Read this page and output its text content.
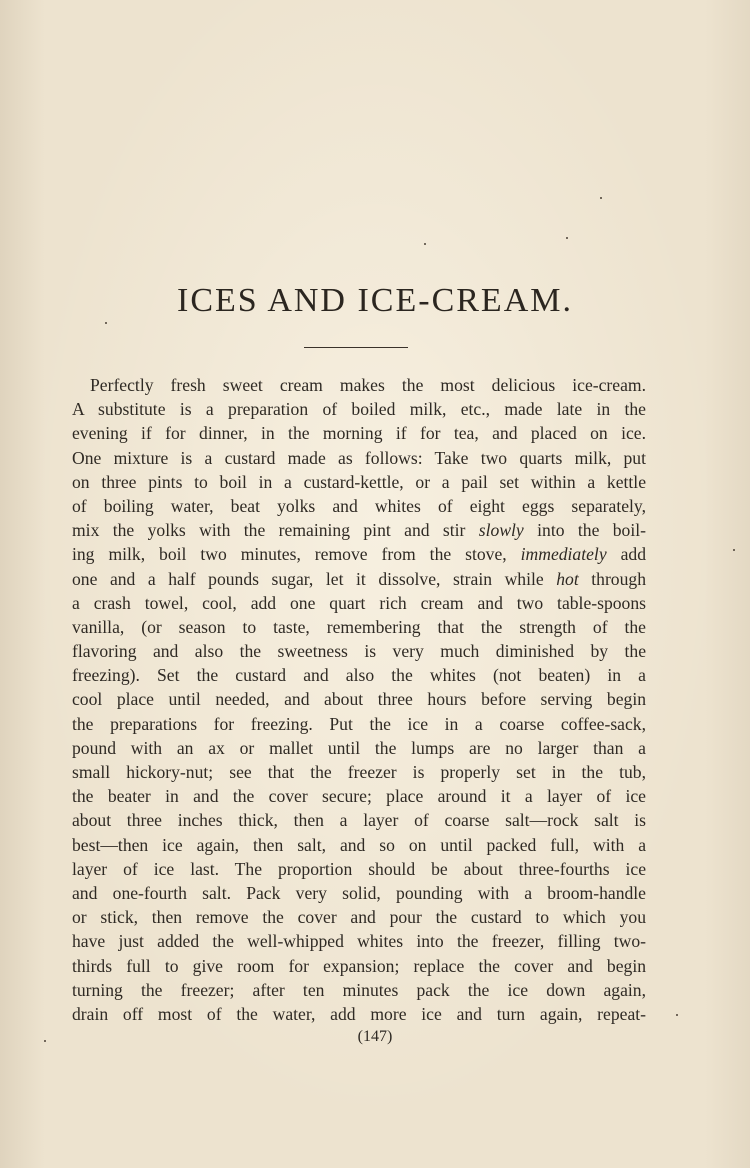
ICES AND ICE-CREAM.
Perfectly fresh sweet cream makes the most delicious ice-cream.
A substitute is a preparation of boiled milk, etc., made late in the
evening if for dinner, in the morning if for tea, and placed on ice.
One mixture is a custard made as follows: Take two quarts milk, put
on three pints to boil in a custard-kettle, or a pail set within a kettle
of boiling water, beat yolks and whites of eight eggs separately,
mix the yolks with the remaining pint and stir slowly into the boil-
ing milk, boil two minutes, remove from the stove, immediately add
one and a half pounds sugar, let it dissolve, strain while hot through
a crash towel, cool, add one quart rich cream and two table-spoons
vanilla, (or season to taste, remembering that the strength of the
flavoring and also the sweetness is very much diminished by the
freezing). Set the custard and also the whites (not beaten) in a
cool place until needed, and about three hours before serving begin
the preparations for freezing. Put the ice in a coarse coffee-sack,
pound with an ax or mallet until the lumps are no larger than a
small hickory-nut; see that the freezer is properly set in the tub,
the beater in and the cover secure; place around it a layer of ice
about three inches thick, then a layer of coarse salt—rock salt is
best—then ice again, then salt, and so on until packed full, with a
layer of ice last. The proportion should be about three-fourths ice
and one-fourth salt. Pack very solid, pounding with a broom-handle
or stick, then remove the cover and pour the custard to which you
have just added the well-whipped whites into the freezer, filling two-
thirds full to give room for expansion; replace the cover and begin
turning the freezer; after ten minutes pack the ice down again,
drain off most of the water, add more ice and turn again, repeat-
(147)
